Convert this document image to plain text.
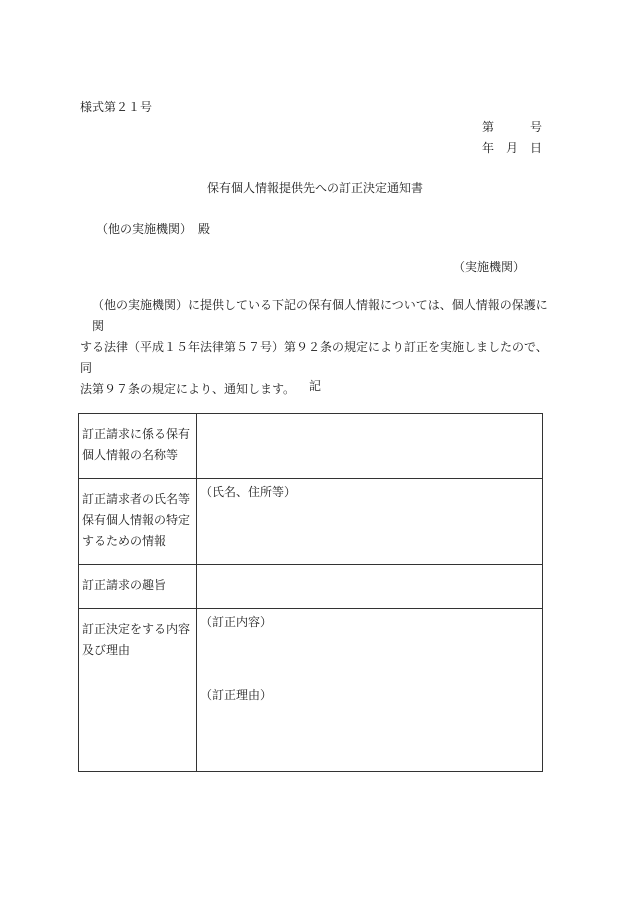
様式第２１号
第　　　号
年　月　日
保有個人情報提供先への訂正決定通知書
（他の実施機関）　殿
（実施機関）

（他の実施機関）に提供している下記の保有個人情報については、個人情報の保護に関

する法律（平成１５年法律第５７号）第９２条の規定により訂正を実施しましたので、同

法第９７条の規定により、通知します。	記
訂正請求に係る保有個人情報の名称等	
訂正請求者の氏名等保有個人情報の特定するための情報	（氏名、住所等）

訂正請求の趣旨	
訂正決定をする内容及び理由	（訂正内容）
（訂正理由）
